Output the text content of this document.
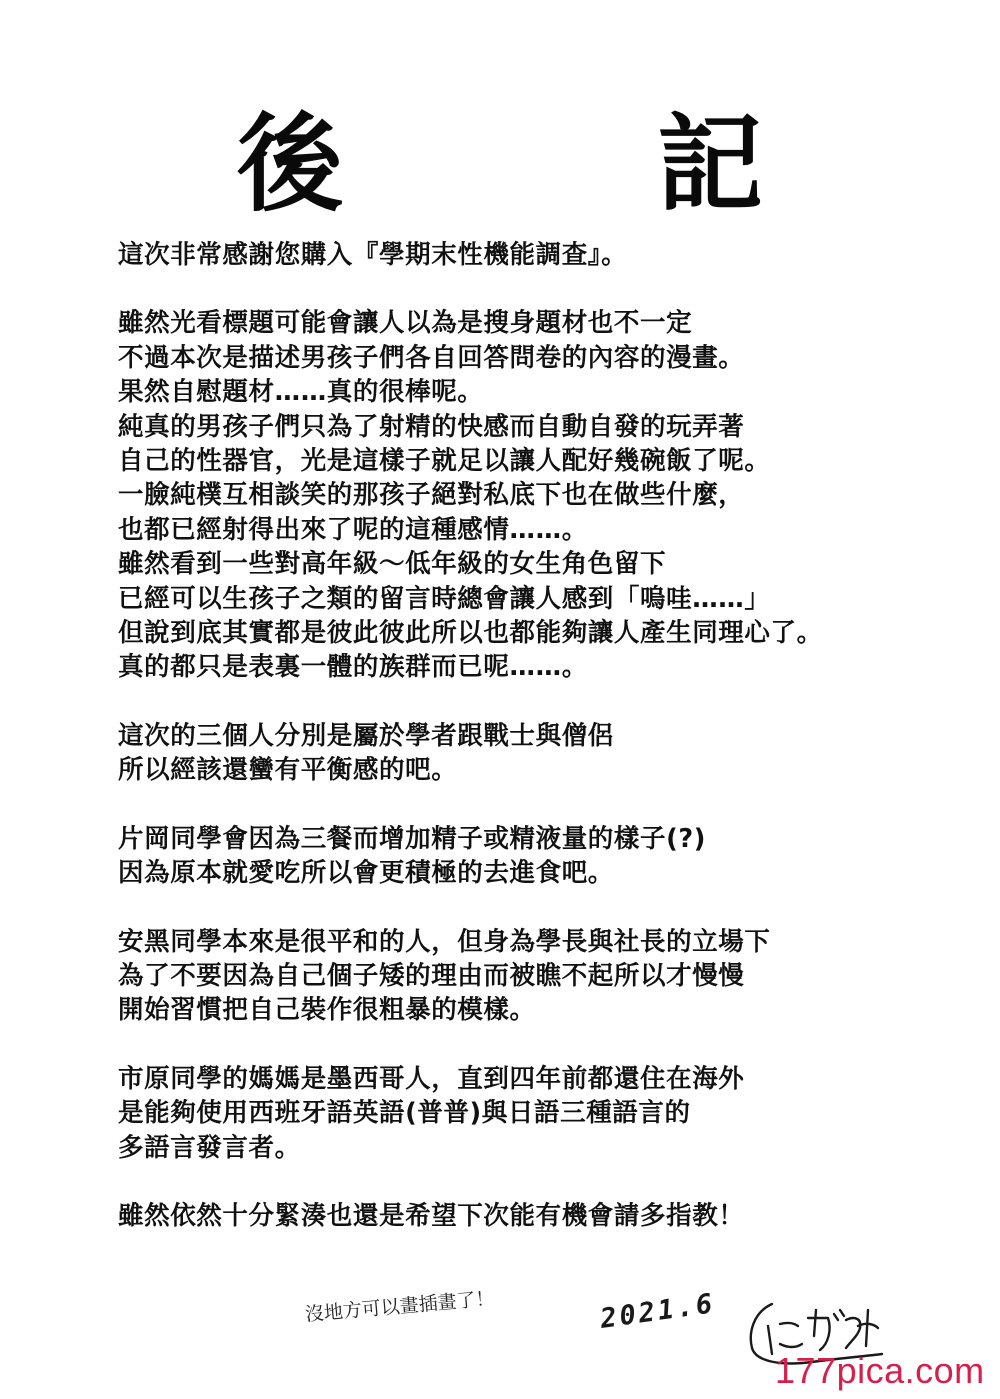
後　記
這次非常感謝您購入『學期末性機能調查』。
雖然光看標題可能會讓人以為是搜身題材也不一定
不過本次是描述男孩子們各自回答問卷的內容的漫畫。
果然自慰題材……真的很棒呢。
純真的男孩子們只為了射精的快感而自動自發的玩弄著
自己的性器官，光是這樣子就足以讓人配好幾碗飯了呢。
一臉純樸互相談笑的那孩子絕對私底下也在做些什麼，
也都已經射得出來了呢的這種感情……。
雖然看到一些對高年級～低年級的女生角色留下
已經可以生孩子之類的留言時總會讓人感到「嗚哇……」
但說到底其實都是彼此彼此所以也都能夠讓人產生同理心了。
真的都只是表裏一體的族群而已呢……。
這次的三個人分別是屬於學者跟戰士與僧侶
所以經該還蠻有平衡感的吧。
片岡同學會因為三餐而增加精子或精液量的樣子(?)
因為原本就愛吃所以會更積極的去進食吧。
安黑同學本來是很平和的人，但身為學長與社長的立場下
為了不要因為自己個子矮的理由而被瞧不起所以才慢慢
開始習慣把自己裝作很粗暴的模樣。
市原同學的媽媽是墨西哥人，直到四年前都還住在海外
是能夠使用西班牙語英語(普普)與日語三種語言的
多語言發言者。
雖然依然十分緊湊也還是希望下次能有機會請多指教！
沒地方可以畫插畫了！	2021.6
177pica.com
